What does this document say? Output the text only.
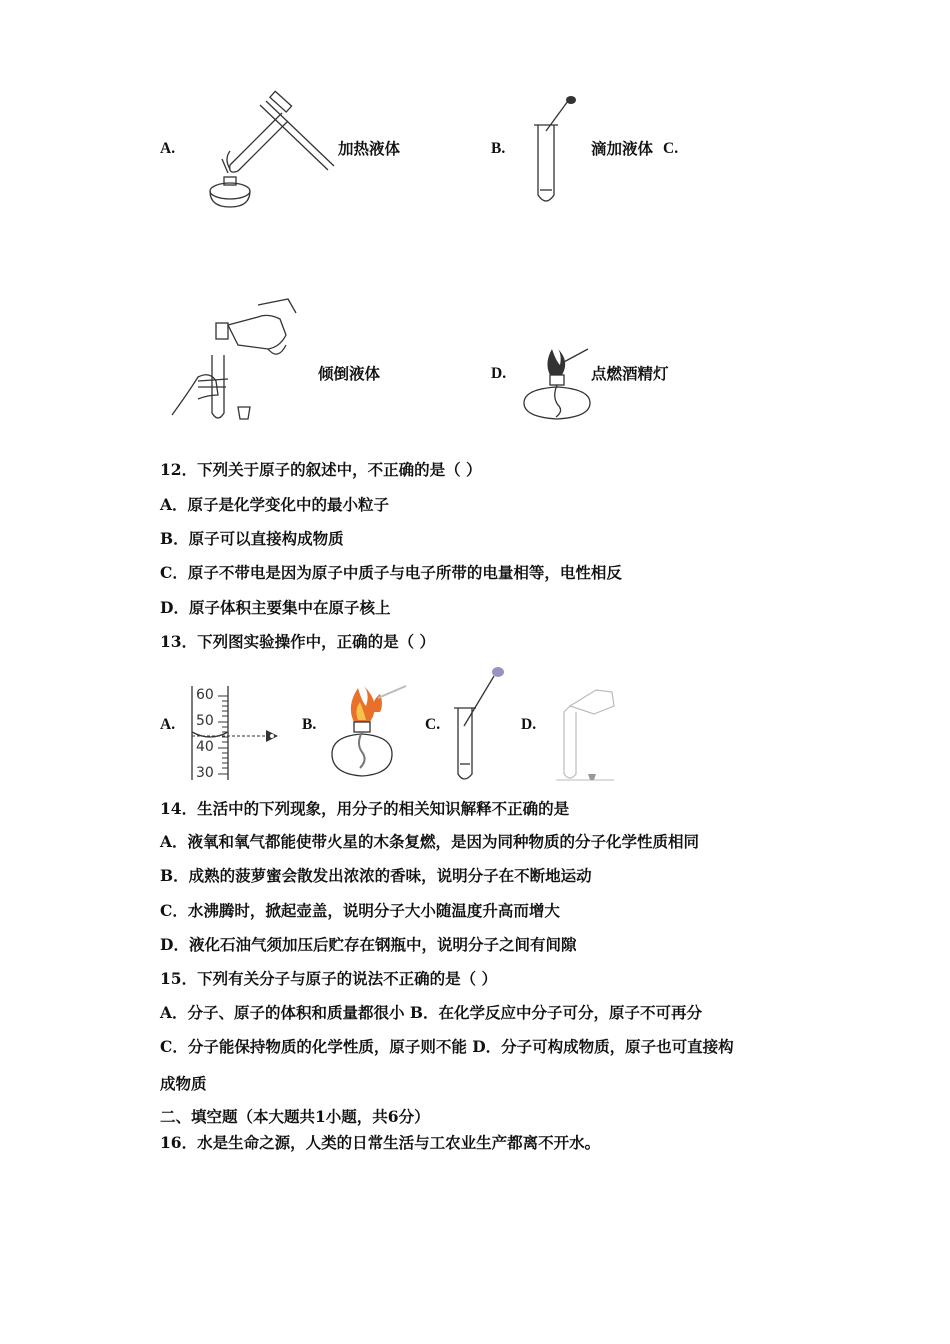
A.	加热液体	B.	滴加液体 C.
倾倒液体	D.	点燃酒精灯
12．下列关于原子的叙述中，不正确的是（ ）
A．原子是化学变化中的最小粒子
B．原子可以直接构成物质
C．原子不带电是因为原子中质子与电子所带的电量相等，电性相反
D．原子体积主要集中在原子核上
13．下列图实验操作中，正确的是（ ）
A.
60
50
40
30
B.	C.	D.
14．生活中的下列现象，用分子的相关知识解释不正确的是
A．液氧和氧气都能使带火星的木条复燃，是因为同种物质的分子化学性质相同
B．成熟的菠萝蜜会散发出浓浓的香味，说明分子在不断地运动
C．水沸腾时，掀起壶盖，说明分子大小随温度升高而增大
D．液化石油气须加压后贮存在钢瓶中，说明分子之间有间隙
15．下列有关分子与原子的说法不正确的是（ ）
A．分子、原子的体积和质量都很小 B．在化学反应中分子可分，原子不可再分
C．分子能保持物质的化学性质，原子则不能 D．分子可构成物质，原子也可直接构
成物质
二、填空题（本大题共1小题，共6分）
16．水是生命之源，人类的日常生活与工农业生产都离不开水。
